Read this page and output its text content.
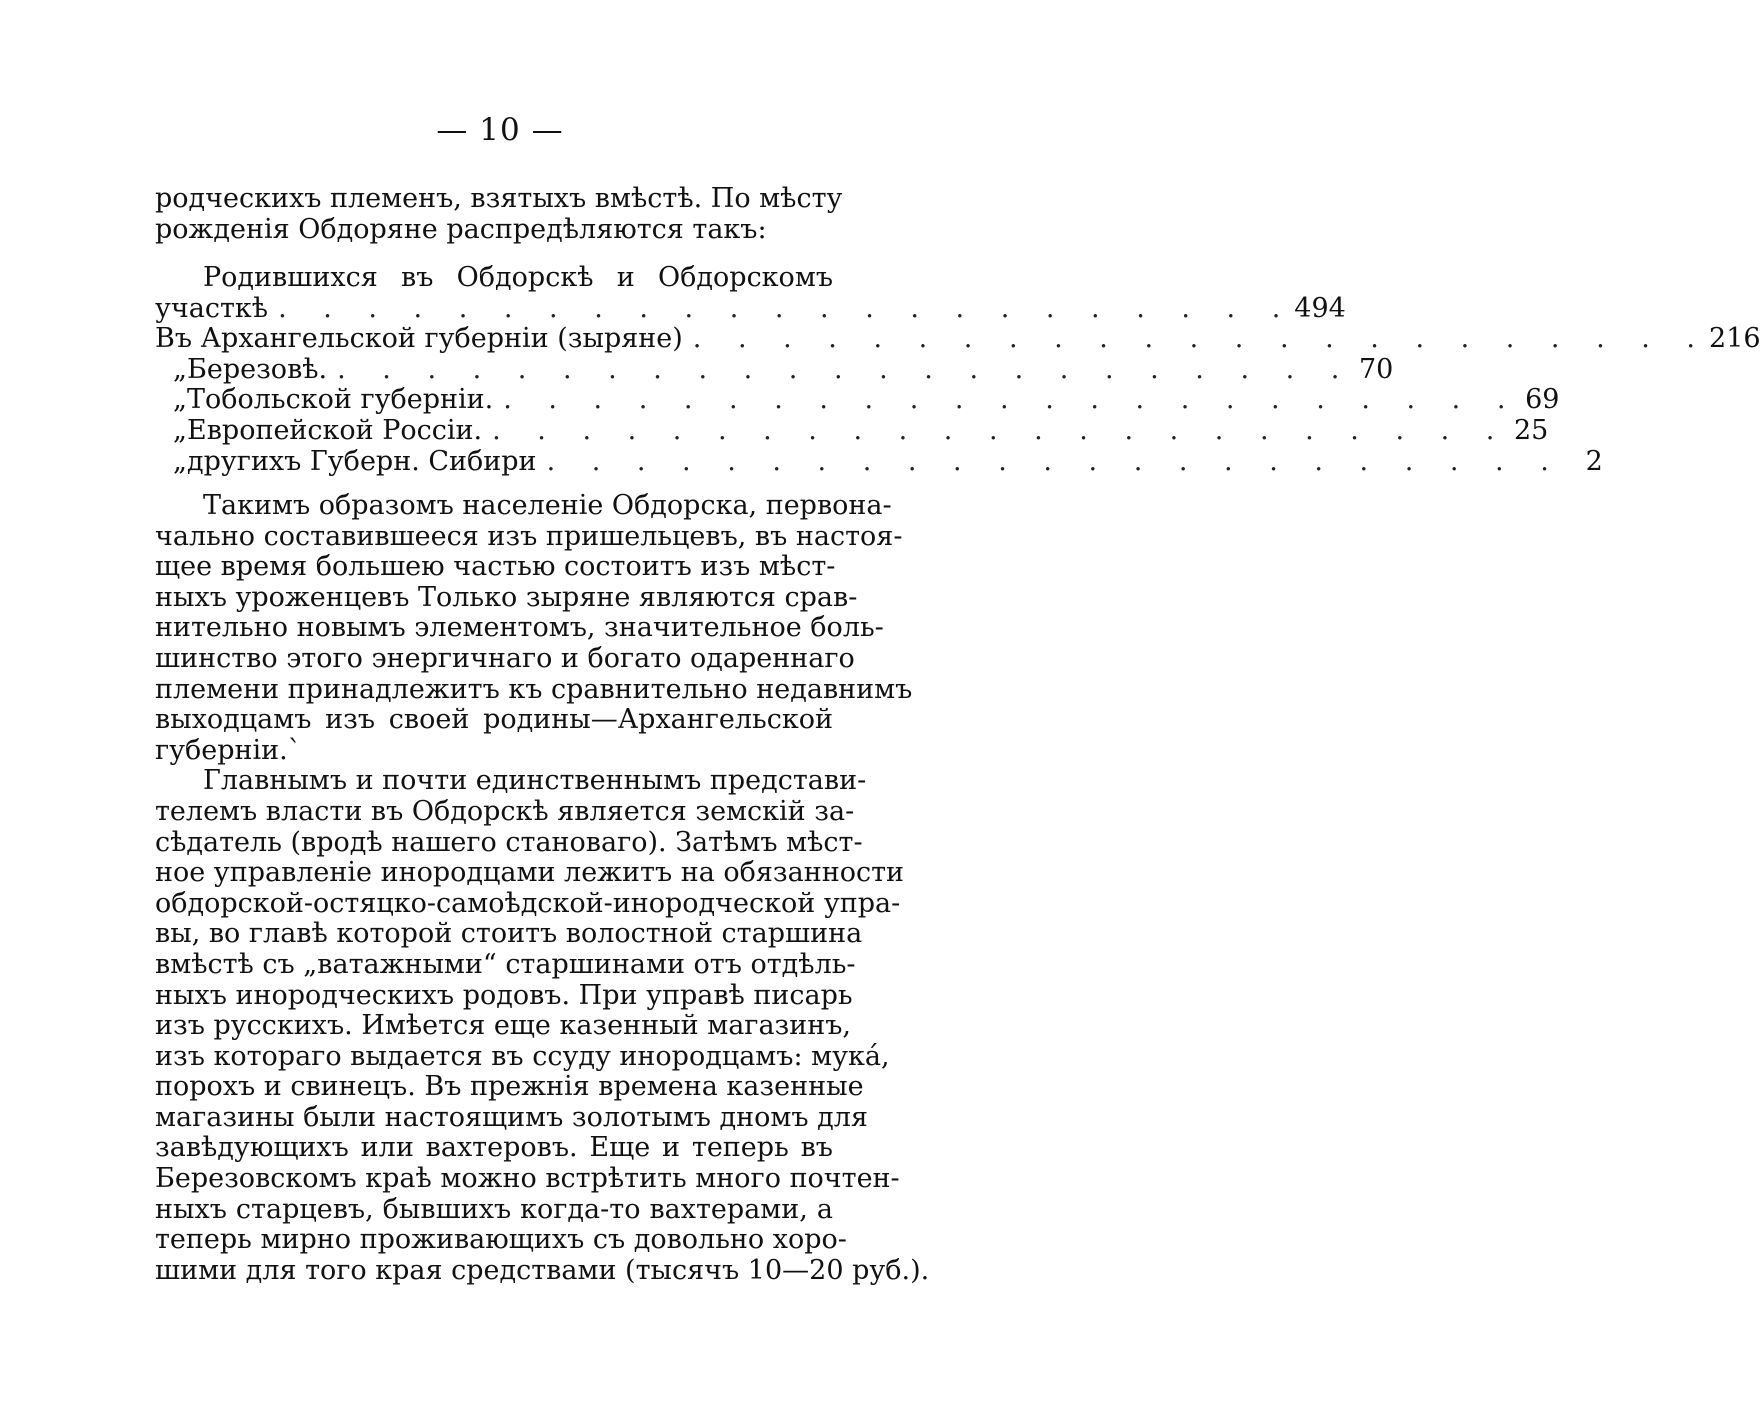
— 10 —
родческихъ племенъ, взятыхъ вмѣстѣ. По мѣсту
рожденія Обдоряне распредѣляются такъ:
Родившихся въ Обдорскѣ и Обдорскомъ
участкѣ . . . . . . . . . . . . . . . . . . . . . . . 494
Въ Архангельской губерніи (зыряне) . . . . . . . . . . . . . . . . . . . . . . . 216
„ Березовѣ. . . . . . . . . . . . . . . . . . . . . . . . 70
„ Тобольской губерніи. . . . . . . . . . . . . . . . . . . . . . . . 69
„ Европейской Россіи. . . . . . . . . . . . . . . . . . . . . . . . 25
„ другихъ Губерн. Сибири . . . . . . . . . . . . . . . . . . . . . . . 2
Такимъ образомъ населеніе Обдорска, первона-
чально составившееся изъ пришельцевъ, въ настоя-
щее время большею частью состоитъ изъ мѣст-
ныхъ уроженцевъ Только зыряне являются срав-
нительно новымъ элементомъ, значительное боль-
шинство этого энергичнаго и богато одареннаго
племени принадлежитъ къ сравнительно недавнимъ
выходцамъ изъ своей родины—Архангельской
губерніи.`
Главнымъ и почти единственнымъ представи-
телемъ власти въ Обдорскѣ является земскій за-
сѣдатель (вродѣ нашего становаго). Затѣмъ мѣст-
ное управленіе инородцами лежитъ на обязанности
обдорской-остяцко-самоѣдской-инородческой упра-
вы, во главѣ которой стоитъ волостной старшина
вмѣстѣ съ „ватажными“ старшинами отъ отдѣль-
ныхъ инородческихъ родовъ. При управѣ писарь
изъ русскихъ. Имѣется еще казенный магазинъ,
изъ котораго выдается въ ссуду инородцамъ: мука́,
порохъ и свинецъ. Въ прежнія времена казенные
магазины были настоящимъ золотымъ дномъ для
завѣдующихъ или вахтеровъ. Еще и теперь въ
Березовскомъ краѣ можно встрѣтить много почтен-
ныхъ старцевъ, бывшихъ когда-то вахтерами, а
теперь мирно проживающихъ съ довольно хоро-
шими для того края средствами (тысячъ 10—20 руб.).
